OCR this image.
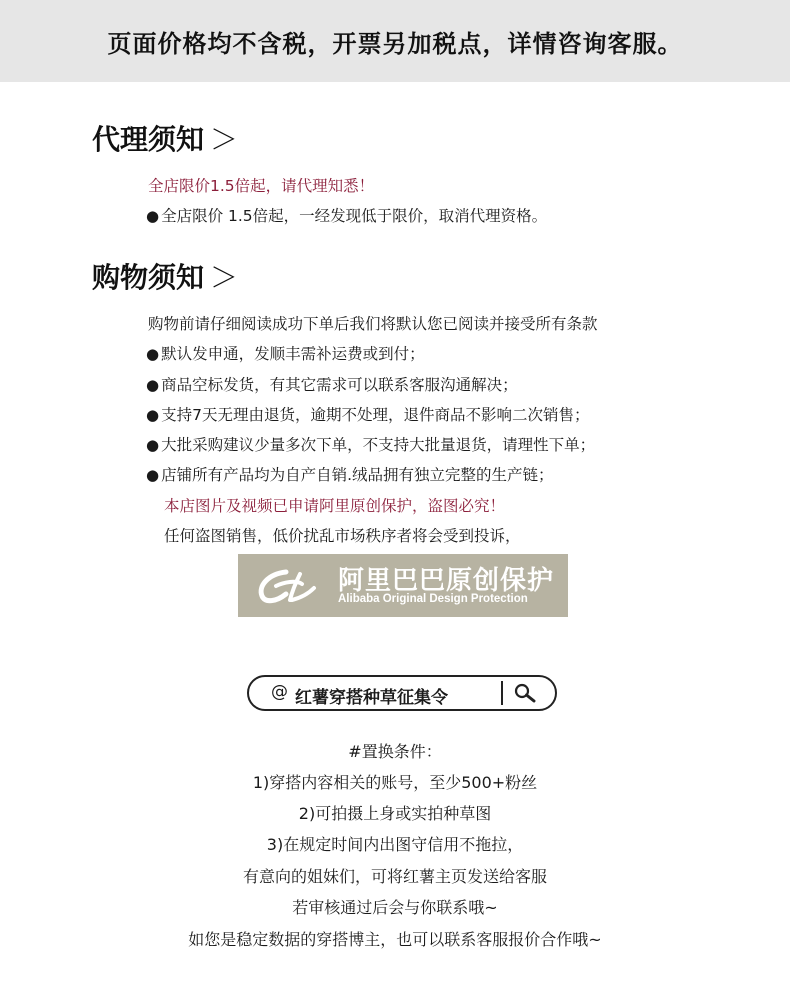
页面价格均不含税，开票另加税点，详情咨询客服。
代理须知 ＞
全店限价1.5倍起，请代理知悉！
● 全店限价 1.5倍起，一经发现低于限价，取消代理资格。
购物须知 ＞
购物前请仔细阅读成功下单后我们将默认您已阅读并接受所有条款
● 默认发申通，发顺丰需补运费或到付；
● 商品空标发货，有其它需求可以联系客服沟通解决；
● 支持7天无理由退货，逾期不处理，退件商品不影响二次销售；
● 大批采购建议少量多次下单，不支持大批量退货，请理性下单；
● 店铺所有产品均为自产自销.绒品拥有独立完整的生产链；
本店图片及视频已申请阿里原创保护，盗图必究！
任何盗图销售，低价扰乱市场秩序者将会受到投诉，
阿里巴巴原创保护
Alibaba Original Design Protection
@ 红薯穿搭种草征集令
#置换条件：
1)穿搭内容相关的账号，至少500+粉丝
2)可拍摄上身或实拍种草图
3)在规定时间内出图守信用不拖拉，
有意向的姐妹们，可将红薯主页发送给客服
若审核通过后会与你联系哦~
如您是稳定数据的穿搭博主，也可以联系客服报价合作哦~
